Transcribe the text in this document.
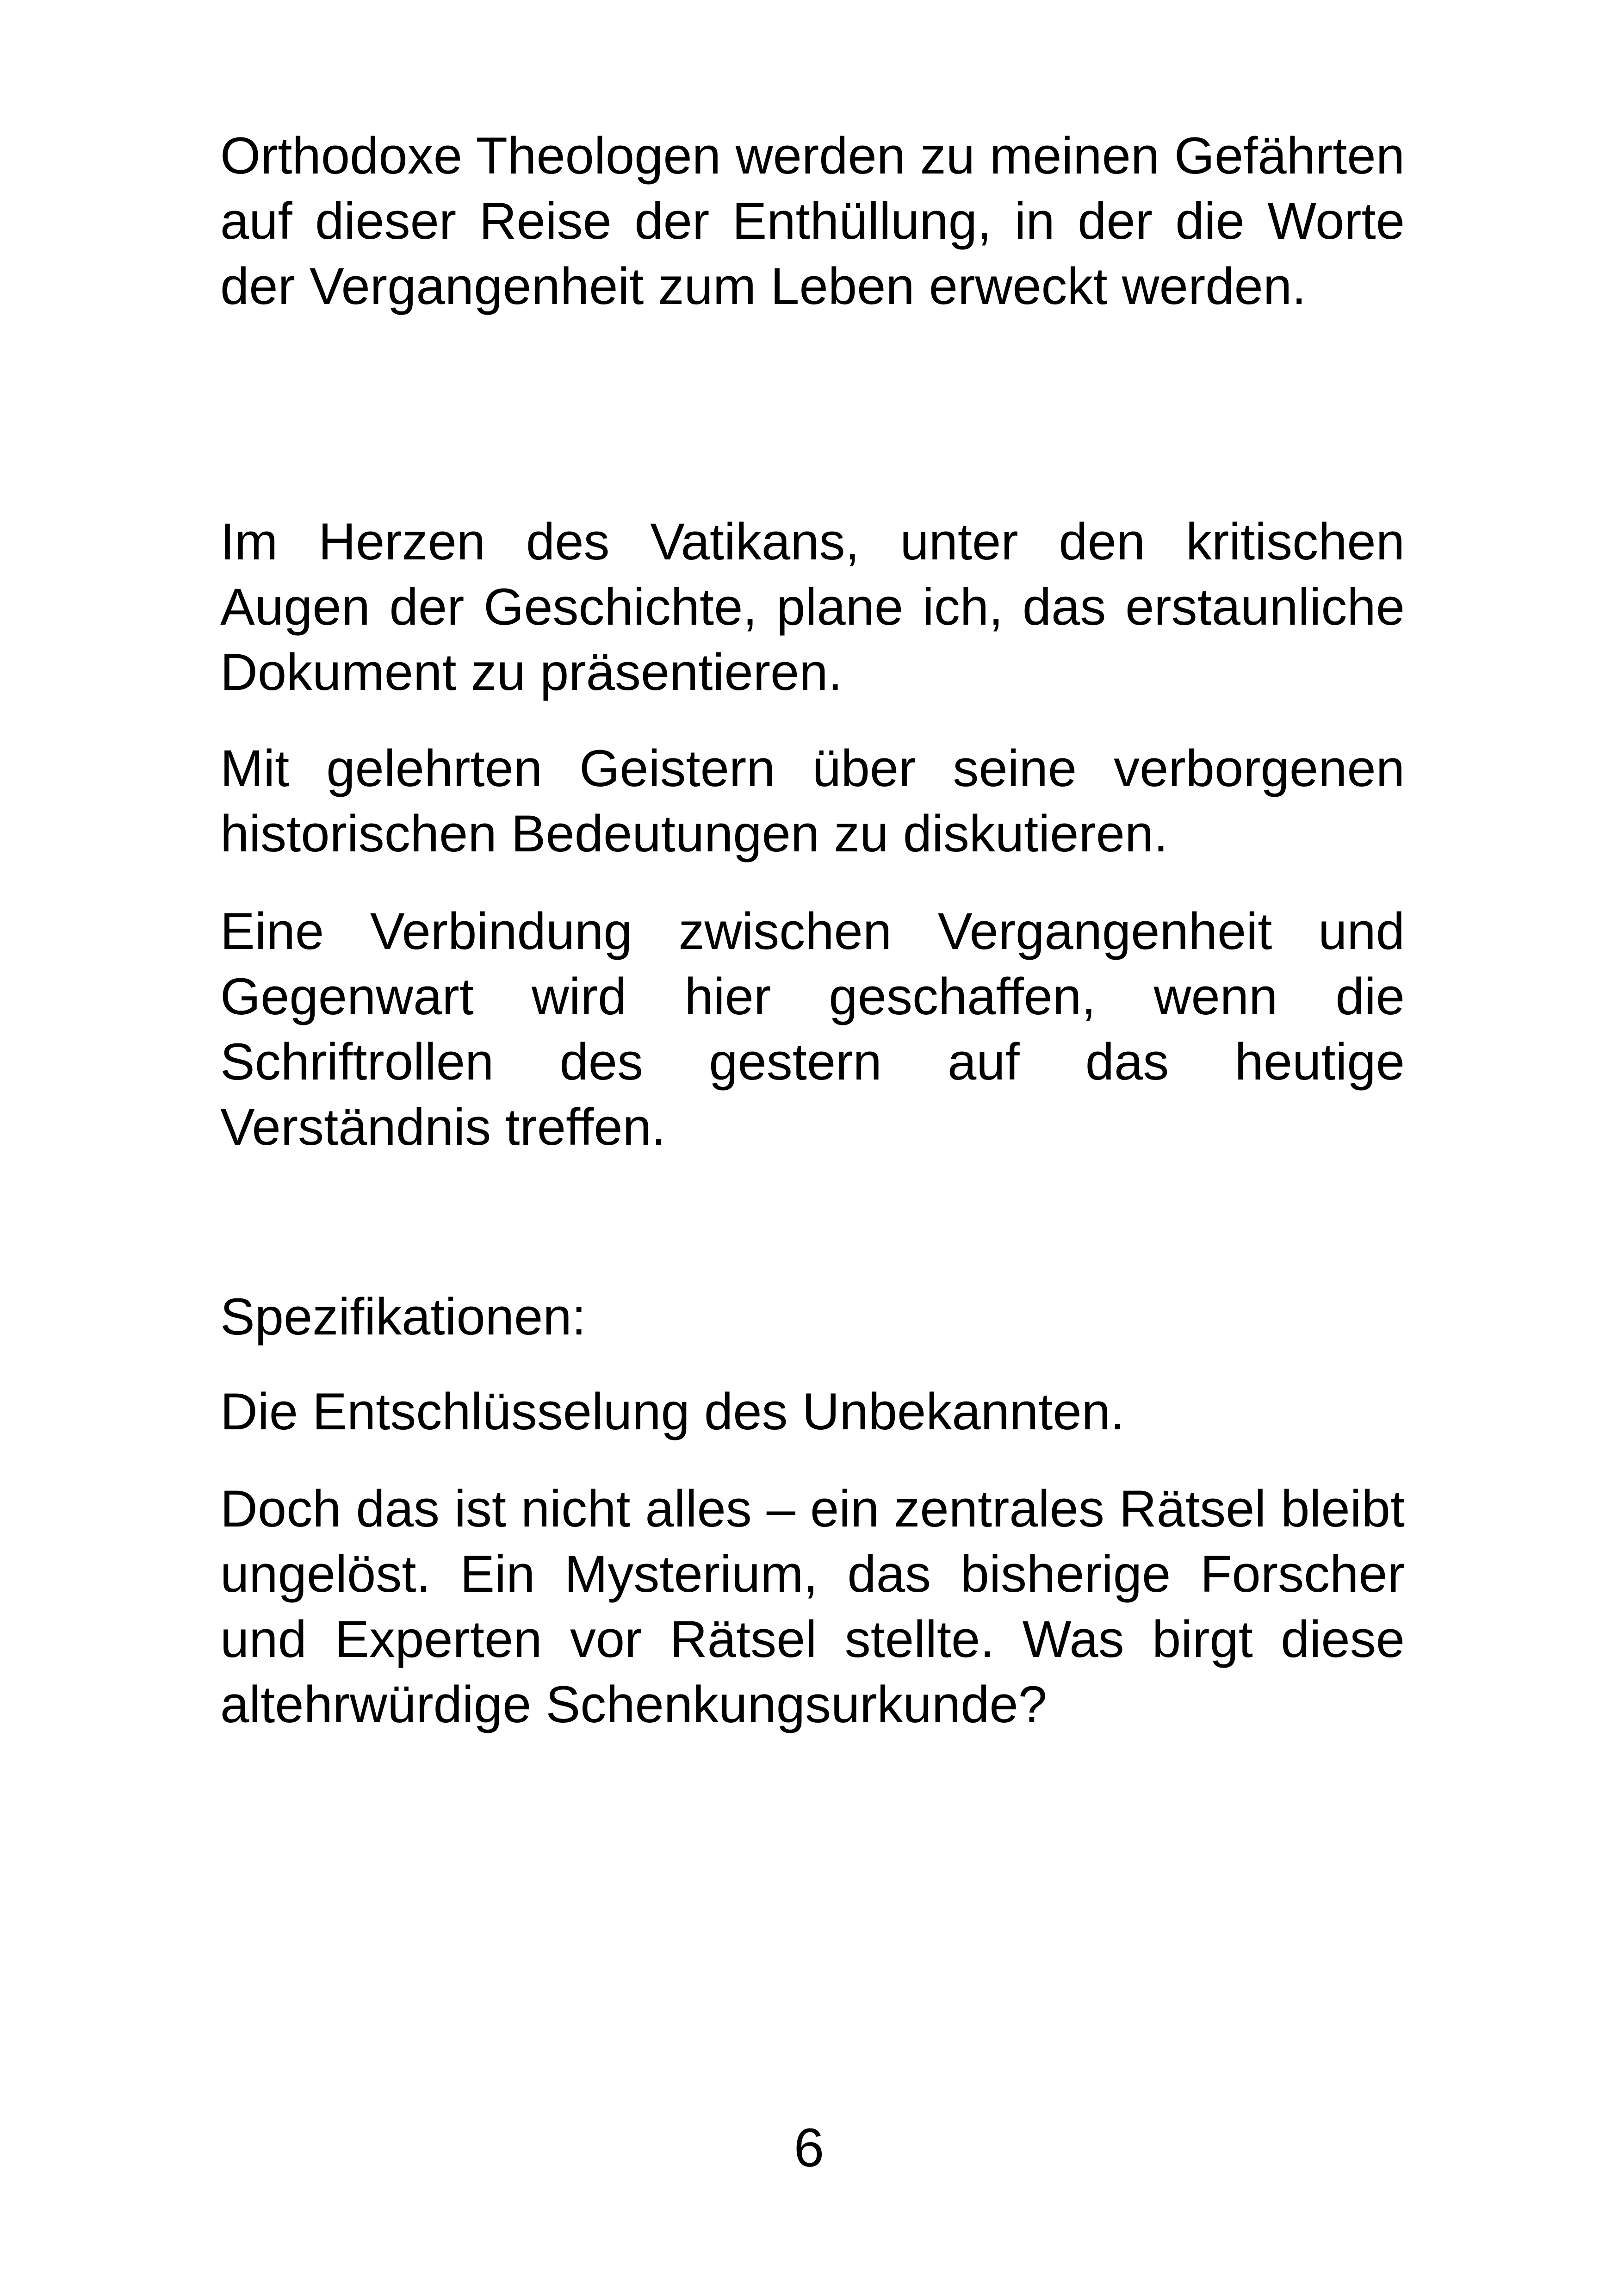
Orthodoxe Theologen werden zu meinen Gefährten auf dieser Reise der Enthüllung, in der die Worte der Vergangenheit zum Leben erweckt werden.

Im Herzen des Vatikans, unter den kritischen Augen der Geschichte, plane ich, das erstaunliche Dokument zu präsentieren.

Mit gelehrten Geistern über seine verborgenen historischen Bedeutungen zu diskutieren.

Eine Verbindung zwischen Vergangenheit und Gegenwart wird hier geschaffen, wenn die Schriftrollen des gestern auf das heutige Verständnis treffen.

Spezifikationen:

Die Entschlüsselung des Unbekannten.

Doch das ist nicht alles – ein zentrales Rätsel bleibt ungelöst. Ein Mysterium, das bisherige Forscher und Experten vor Rätsel stellte. Was birgt diese altehrwürdige Schenkungsurkunde?

6
